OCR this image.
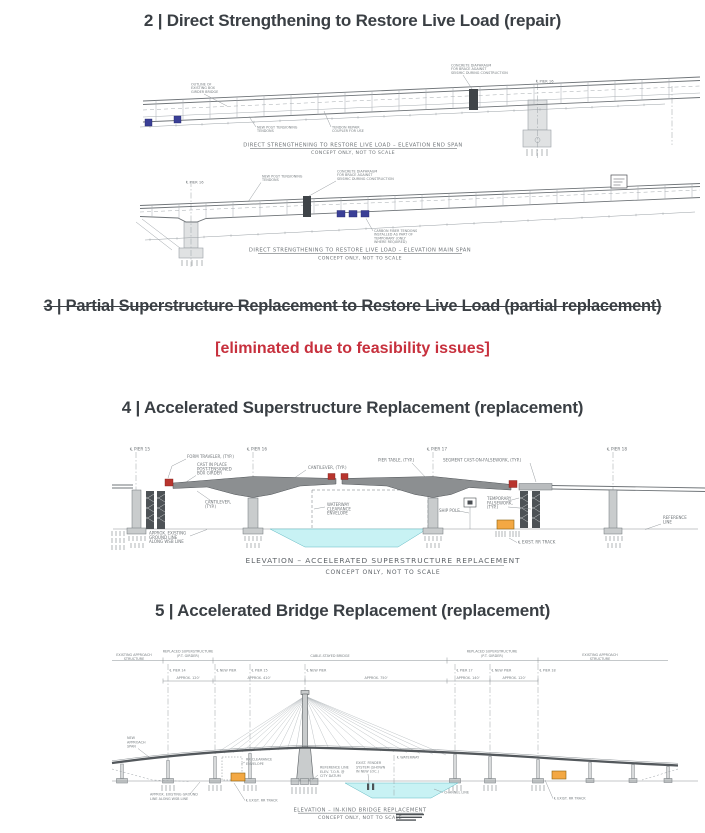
2 | Direct Strengthening to Restore Live Load (repair)
OUTLINE OF
EXISTING BOX
GIRDER BRIDGE
NEW POST TENSIONING
TENDONS
TENDON REPAIR
COUPLER FOR USE
CONCRETE DIAPHRAGM
FOR BRACE AGAINST
SEISMIC DURING CONSTRUCTION
℄ PIER 16
DIRECT STRENGTHENING TO RESTORE LIVE LOAD – ELEVATION END SPAN
CONCEPT ONLY, NOT TO SCALE
℄ PIER 16
NEW POST TENSIONING
TENDONS
CONCRETE DIAPHRAGM
FOR BRACE AGAINST
SEISMIC DURING CONSTRUCTION
CARBON FIBER TENDONS
INSTALLED AS PART OF
TEMPORARY (ONLY
WHERE REQUIRED)
DIRECT STRENGTHENING TO RESTORE LIVE LOAD – ELEVATION MAIN SPAN
CONCEPT ONLY, NOT TO SCALE
3 | Partial Superstructure Replacement to Restore Live Load (partial replacement)
[eliminated due to feasibility issues]
4 | Accelerated Superstructure Replacement (replacement)
℄ PIER 15	℄ PIER 16	℄ PIER 17	℄ PIER 18
FORM TRAVELER, (TYP.)
CAST IN PLACE
POST-TENSIONED
BOX GIRDER
CANTILEVER,
(TYP.)
CANTILEVER, (TYP.)
PIER TABLE, (TYP.)	SEGMENT CAST-ON-FALSEWORK, (TYP.)
WATERWAY
CLEARANCE
ENVELOPE
SHIP POLE
TEMPORARY
FALSEWORK,
(TYP.)
REFERENCE
LINE
APPROX. EXISTING
GROUND LINE
ALONG WSB LINE	℄ EXIST. RR TRACK
ELEVATION – ACCELERATED SUPERSTRUCTURE REPLACEMENT
CONCEPT ONLY, NOT TO SCALE
5 | Accelerated Bridge Replacement (replacement)
EXISTING APPROACH
STRUCTURE
REPLACED SUPERSTRUCTURE
(P.T. GIRDER)	CABLE-STAYED BRIDGE
REPLACED SUPERSTRUCTURE
(P.T. GIRDER)	EXISTING APPROACH
STRUCTURE
℄ PIER 14	℄ NEW PIER	℄ PIER 15	℄ NEW PIER	℄ PIER 17	℄ NEW PIER	℄ PIER 18
APPROX. 120'	APPROX. 410'	APPROX. 750'	APPROX. 140'	APPROX. 120'
NEW
APPROACH
SPAN
RR CLEARANCE
ENVELOPE
REFERENCE LINE
ELEV. T.O.R. @
CITY DATUM
APPROX. EXISTING GROUND
LINE ALONG WSB LINE
EXIST. FENDER
SYSTEM (SHOWN
IN NEW LOC.)
℄ WATERWAY
CHANNEL LINE
℄ EXIST. RR TRACK	℄ EXIST. RR TRACK
ELEVATION – IN-KIND BRIDGE REPLACEMENT
CONCEPT ONLY, NOT TO SCALE
